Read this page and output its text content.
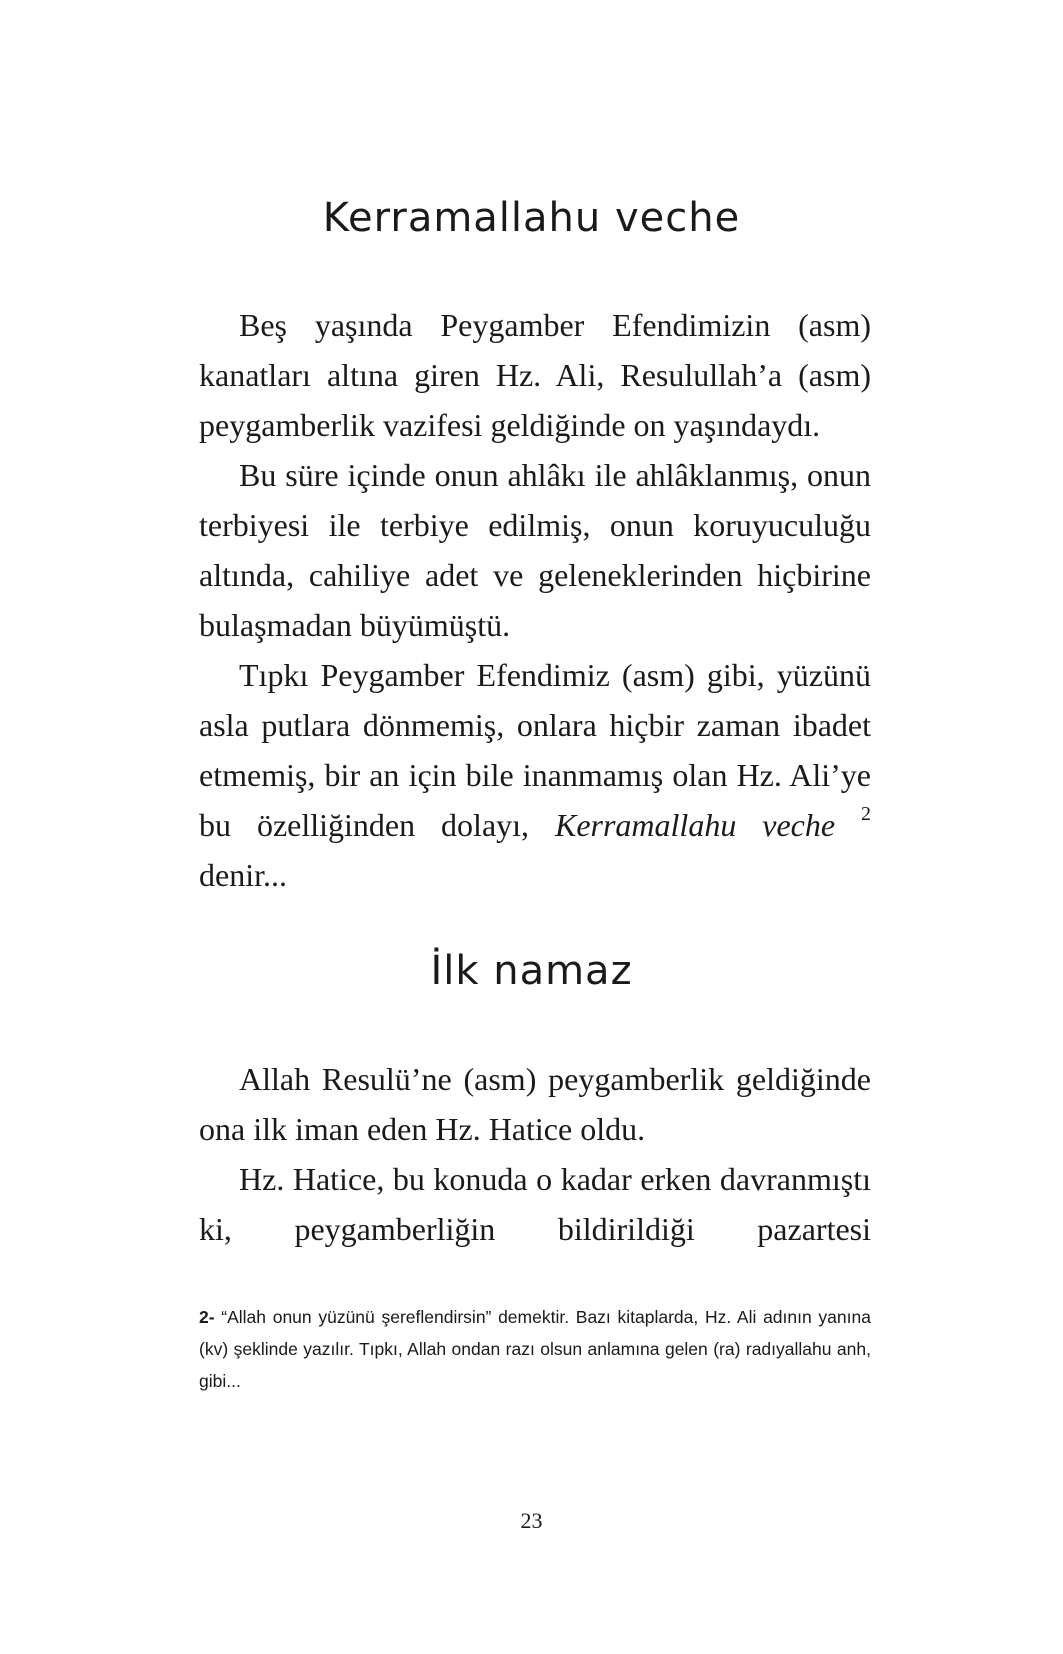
Kerramallahu veche

Beş yaşında Peygamber Efendimizin (asm) kanatları altına giren Hz. Ali, Resulullah’a (asm) peygamberlik vazifesi geldiğinde on yaşındaydı.

Bu süre içinde onun ahlâkı ile ahlâklanmış, onun terbiyesi ile terbiye edilmiş, onun koruyuculuğu altında, cahiliye adet ve geleneklerinden hiçbirine bulaşmadan büyümüştü.

Tıpkı Peygamber Efendimiz (asm) gibi, yüzünü asla putlara dönmemiş, onlara hiçbir zaman ibadet etmemiş, bir an için bile inanmamış olan Hz. Ali’ye bu özelliğinden dolayı, Kerramallahu veche $^2$ denir...

İlk namaz

Allah Resulü’ne (asm) peygamberlik geldiğinde ona ilk iman eden Hz. Hatice oldu.

Hz. Hatice, bu konuda o kadar erken davranmıştı ki, peygamberliğin bildirildiği pazartesi

2- “Allah onun yüzünü şereflendirsin” demektir. Bazı kitaplarda, Hz. Ali adının yanına (kv) şeklinde yazılır. Tıpkı, Allah ondan razı olsun anlamına gelen (ra) radıyallahu anh, gibi...
23
